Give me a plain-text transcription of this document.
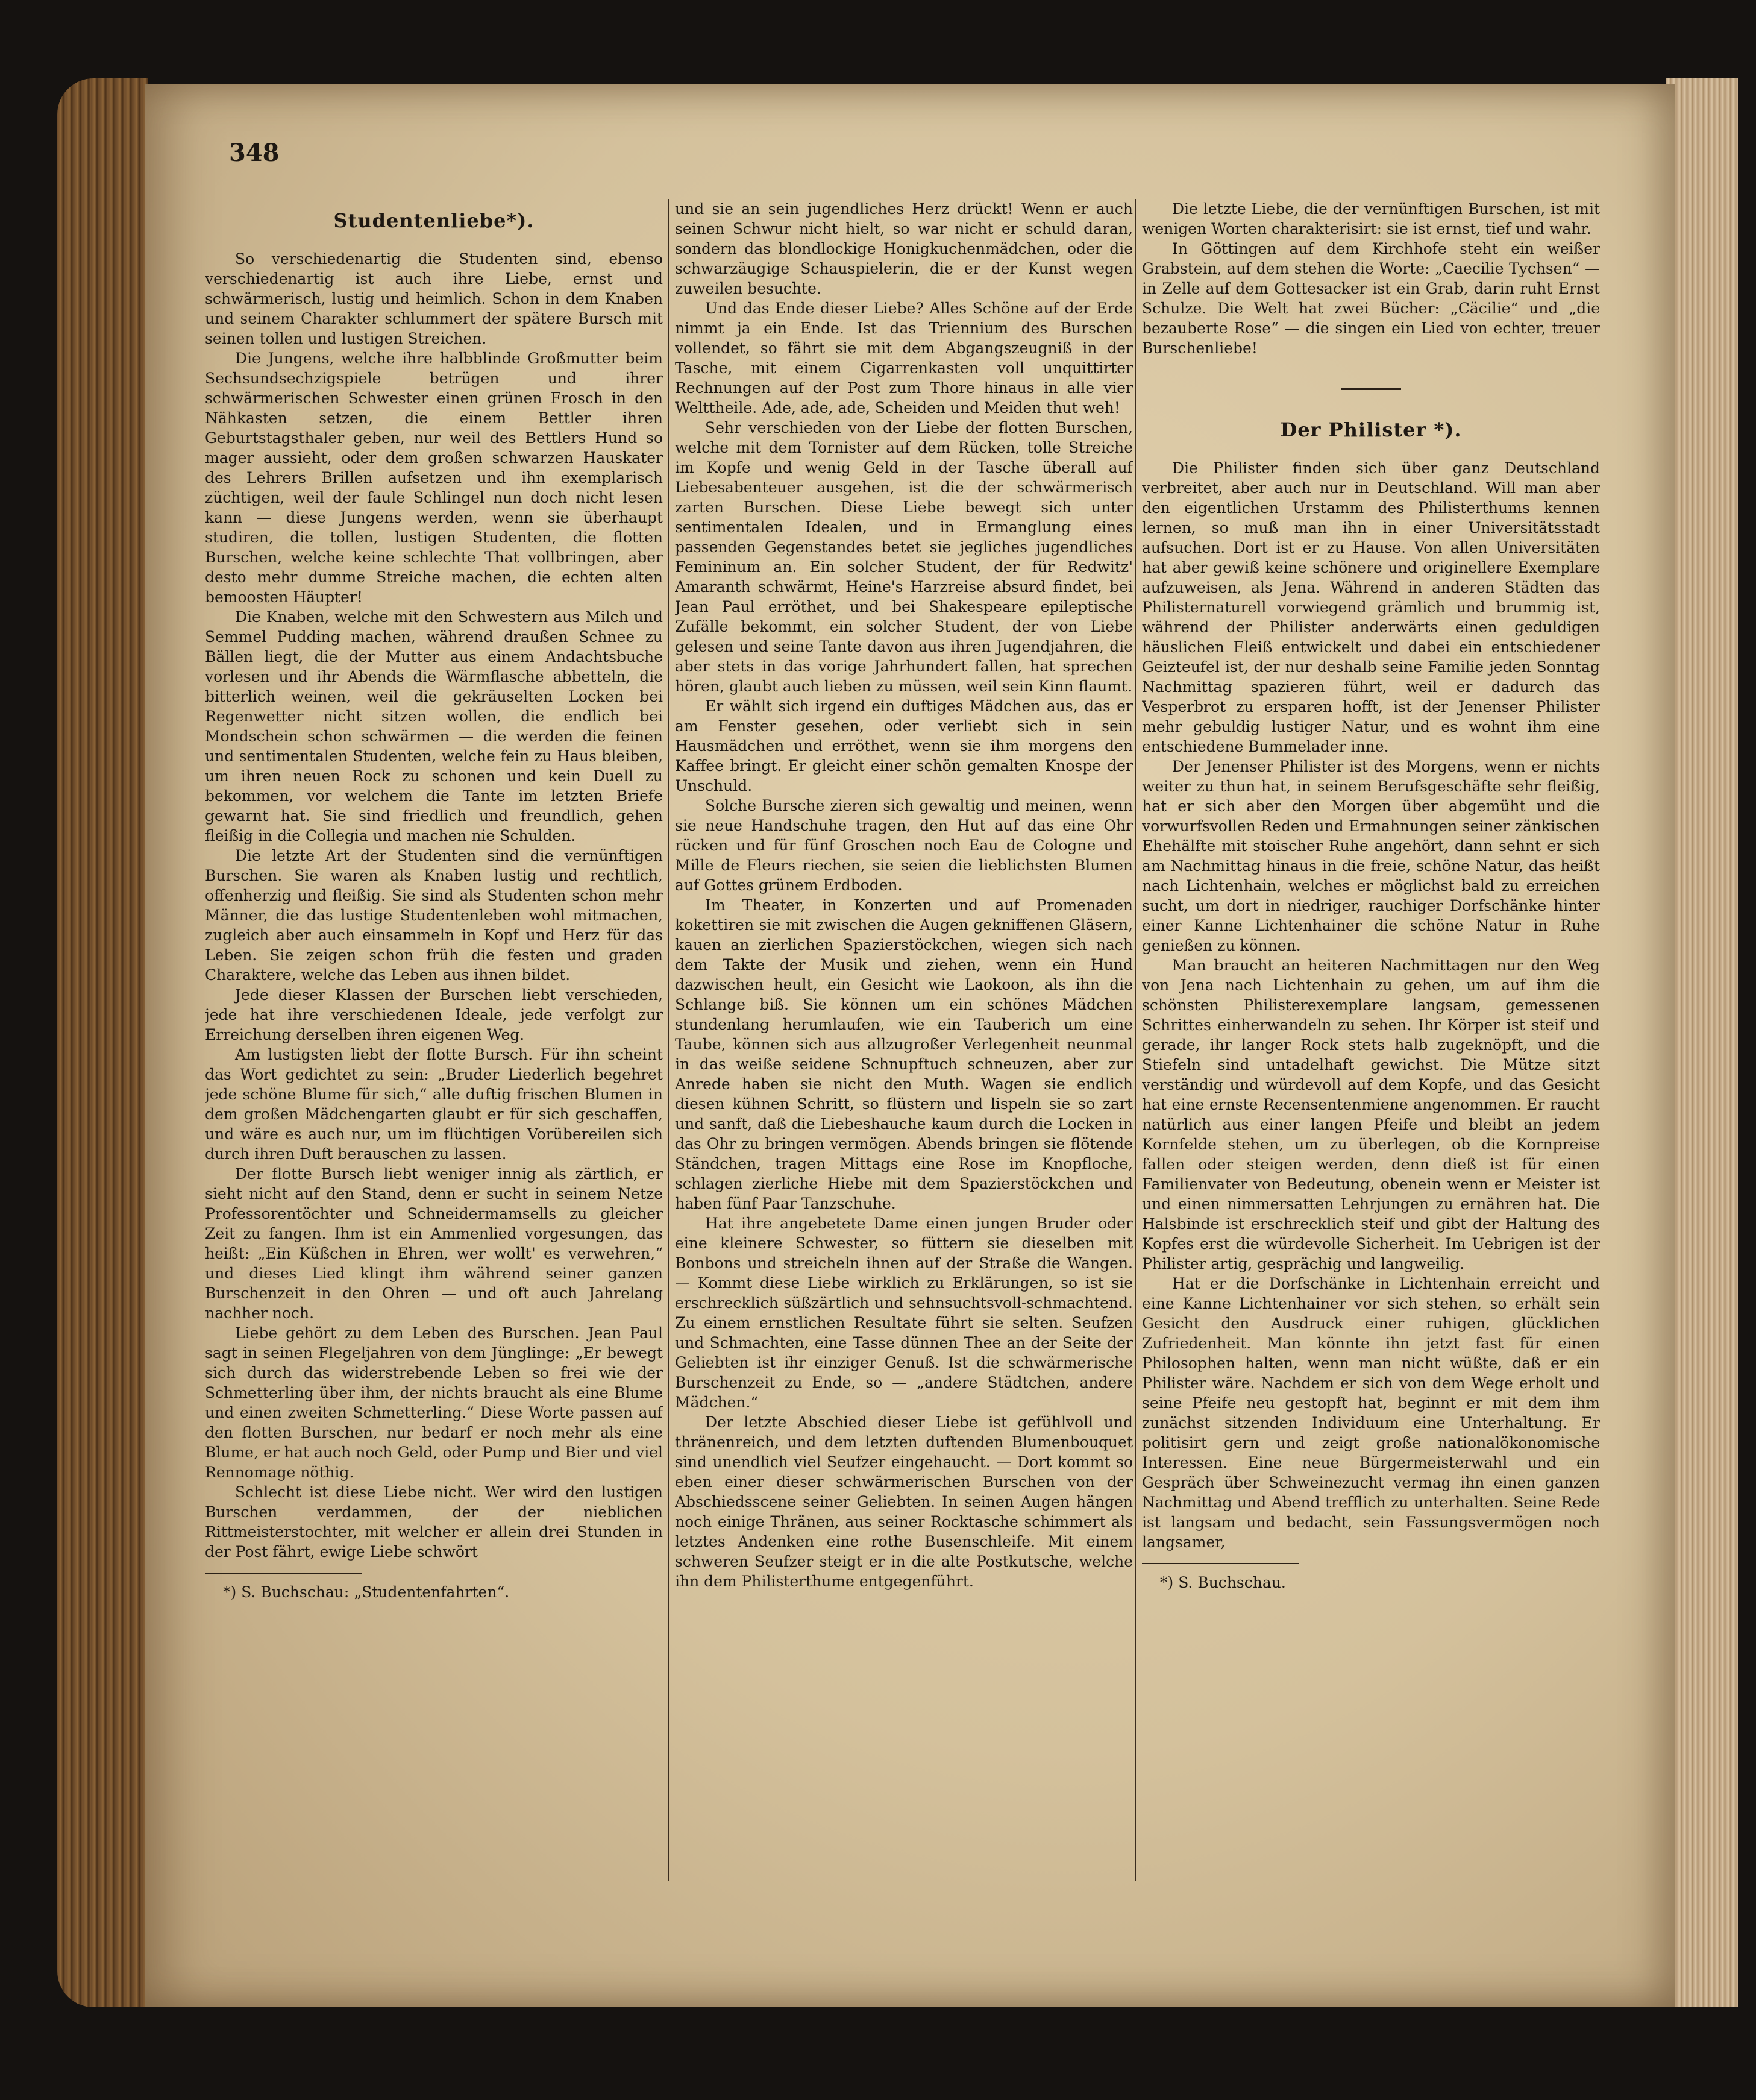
348
Studentenliebe*).

So verschiedenartig die Studenten sind, ebenso verschiedenartig ist auch ihre Liebe, ernst und schwärmerisch, lustig und heimlich. Schon in dem Knaben und seinem Charakter schlummert der spätere Bursch mit seinen tollen und lustigen Streichen.

Die Jungens, welche ihre halbblinde Großmutter beim Sechsundsechzigspiele betrügen und ihrer schwärmerischen Schwester einen grünen Frosch in den Nähkasten setzen, die einem Bettler ihren Geburtstagsthaler geben, nur weil des Bettlers Hund so mager aussieht, oder dem großen schwarzen Hauskater des Lehrers Brillen aufsetzen und ihn exemplarisch züchtigen, weil der faule Schlingel nun doch nicht lesen kann — diese Jungens werden, wenn sie überhaupt studiren, die tollen, lustigen Studenten, die flotten Burschen, welche keine schlechte That vollbringen, aber desto mehr dumme Streiche machen, die echten alten bemoosten Häupter!

Die Knaben, welche mit den Schwestern aus Milch und Semmel Pudding machen, während draußen Schnee zu Bällen liegt, die der Mutter aus einem Andachtsbuche vorlesen und ihr Abends die Wärmflasche abbetteln, die bitterlich weinen, weil die gekräuselten Locken bei Regenwetter nicht sitzen wollen, die endlich bei Mondschein schon schwärmen — die werden die feinen und sentimentalen Studenten, welche fein zu Haus bleiben, um ihren neuen Rock zu schonen und kein Duell zu bekommen, vor welchem die Tante im letzten Briefe gewarnt hat. Sie sind friedlich und freundlich, gehen fleißig in die Collegia und machen nie Schulden.

Die letzte Art der Studenten sind die vernünftigen Burschen. Sie waren als Knaben lustig und rechtlich, offenherzig und fleißig. Sie sind als Studenten schon mehr Männer, die das lustige Studentenleben wohl mitmachen, zugleich aber auch einsammeln in Kopf und Herz für das Leben. Sie zeigen schon früh die festen und graden Charaktere, welche das Leben aus ihnen bildet.

Jede dieser Klassen der Burschen liebt verschieden, jede hat ihre verschiedenen Ideale, jede verfolgt zur Erreichung derselben ihren eigenen Weg.

Am lustigsten liebt der flotte Bursch. Für ihn scheint das Wort gedichtet zu sein: „Bruder Liederlich begehret jede schöne Blume für sich,“ alle duftig frischen Blumen in dem großen Mädchengarten glaubt er für sich geschaffen, und wäre es auch nur, um im flüchtigen Vorübereilen sich durch ihren Duft berauschen zu lassen.

Der flotte Bursch liebt weniger innig als zärtlich, er sieht nicht auf den Stand, denn er sucht in seinem Netze Professorentöchter und Schneidermamsells zu gleicher Zeit zu fangen. Ihm ist ein Ammenlied vorgesungen, das heißt: „Ein Küßchen in Ehren, wer wollt' es verwehren,“ und dieses Lied klingt ihm während seiner ganzen Burschenzeit in den Ohren — und oft auch Jahrelang nachher noch.

Liebe gehört zu dem Leben des Burschen. Jean Paul sagt in seinen Flegeljahren von dem Jünglinge: „Er bewegt sich durch das widerstrebende Leben so frei wie der Schmetterling über ihm, der nichts braucht als eine Blume und einen zweiten Schmetterling.“ Diese Worte passen auf den flotten Burschen, nur bedarf er noch mehr als eine Blume, er hat auch noch Geld, oder Pump und Bier und viel Rennomage nöthig.

Schlecht ist diese Liebe nicht. Wer wird den lustigen Burschen verdammen, der der nieblichen Rittmeisterstochter, mit welcher er allein drei Stunden in der Post fährt, ewige Liebe schwört

*) S. Buchschau: „Studentenfahrten“.

und sie an sein jugendliches Herz drückt! Wenn er auch seinen Schwur nicht hielt, so war nicht er schuld daran, sondern das blondlockige Honigkuchenmädchen, oder die schwarzäugige Schauspielerin, die er der Kunst wegen zuweilen besuchte.

Und das Ende dieser Liebe? Alles Schöne auf der Erde nimmt ja ein Ende. Ist das Triennium des Burschen vollendet, so fährt sie mit dem Abgangszeugniß in der Tasche, mit einem Cigarrenkasten voll unquittirter Rechnungen auf der Post zum Thore hinaus in alle vier Welttheile. Ade, ade, ade, Scheiden und Meiden thut weh!

Sehr verschieden von der Liebe der flotten Burschen, welche mit dem Tornister auf dem Rücken, tolle Streiche im Kopfe und wenig Geld in der Tasche überall auf Liebesabenteuer ausgehen, ist die der schwärmerisch zarten Burschen. Diese Liebe bewegt sich unter sentimentalen Idealen, und in Ermanglung eines passenden Gegenstandes betet sie jegliches jugendliches Femininum an. Ein solcher Student, der für Redwitz' Amaranth schwärmt, Heine's Harzreise absurd findet, bei Jean Paul erröthet, und bei Shakespeare epileptische Zufälle bekommt, ein solcher Student, der von Liebe gelesen und seine Tante davon aus ihren Jugendjahren, die aber stets in das vorige Jahrhundert fallen, hat sprechen hören, glaubt auch lieben zu müssen, weil sein Kinn flaumt.

Er wählt sich irgend ein duftiges Mädchen aus, das er am Fenster gesehen, oder verliebt sich in sein Hausmädchen und erröthet, wenn sie ihm morgens den Kaffee bringt. Er gleicht einer schön gemalten Knospe der Unschuld.

Solche Bursche zieren sich gewaltig und meinen, wenn sie neue Handschuhe tragen, den Hut auf das eine Ohr rücken und für fünf Groschen noch Eau de Cologne und Mille de Fleurs riechen, sie seien die lieblichsten Blumen auf Gottes grünem Erdboden.

Im Theater, in Konzerten und auf Promenaden kokettiren sie mit zwischen die Augen gekniffenen Gläsern, kauen an zierlichen Spazierstöckchen, wiegen sich nach dem Takte der Musik und ziehen, wenn ein Hund dazwischen heult, ein Gesicht wie Laokoon, als ihn die Schlange biß. Sie können um ein schönes Mädchen stundenlang herumlaufen, wie ein Tauberich um eine Taube, können sich aus allzugroßer Verlegenheit neunmal in das weiße seidene Schnupftuch schneuzen, aber zur Anrede haben sie nicht den Muth. Wagen sie endlich diesen kühnen Schritt, so flüstern und lispeln sie so zart und sanft, daß die Liebeshauche kaum durch die Locken in das Ohr zu bringen vermögen. Abends bringen sie flötende Ständchen, tragen Mittags eine Rose im Knopfloche, schlagen zierliche Hiebe mit dem Spazierstöckchen und haben fünf Paar Tanzschuhe.

Hat ihre angebetete Dame einen jungen Bruder oder eine kleinere Schwester, so füttern sie dieselben mit Bonbons und streicheln ihnen auf der Straße die Wangen. — Kommt diese Liebe wirklich zu Erklärungen, so ist sie erschrecklich süßzärtlich und sehnsuchtsvoll-schmachtend. Zu einem ernstlichen Resultate führt sie selten. Seufzen und Schmachten, eine Tasse dünnen Thee an der Seite der Geliebten ist ihr einziger Genuß. Ist die schwärmerische Burschenzeit zu Ende, so — „andere Städtchen, andere Mädchen.“

Der letzte Abschied dieser Liebe ist gefühlvoll und thränenreich, und dem letzten duftenden Blumenbouquet sind unendlich viel Seufzer eingehaucht. — Dort kommt so eben einer dieser schwärmerischen Burschen von der Abschiedsscene seiner Geliebten. In seinen Augen hängen noch einige Thränen, aus seiner Rocktasche schimmert als letztes Andenken eine rothe Busenschleife. Mit einem schweren Seufzer steigt er in die alte Postkutsche, welche ihn dem Philisterthume entgegenführt.

Die letzte Liebe, die der vernünftigen Burschen, ist mit wenigen Worten charakterisirt: sie ist ernst, tief und wahr.

In Göttingen auf dem Kirchhofe steht ein weißer Grabstein, auf dem stehen die Worte: „Caecilie Tychsen“ — in Zelle auf dem Gottesacker ist ein Grab, darin ruht Ernst Schulze. Die Welt hat zwei Bücher: „Cäcilie“ und „die bezauberte Rose“ — die singen ein Lied von echter, treuer Burschenliebe!

Der Philister *).

Die Philister finden sich über ganz Deutschland verbreitet, aber auch nur in Deutschland. Will man aber den eigentlichen Urstamm des Philisterthums kennen lernen, so muß man ihn in einer Universitätsstadt aufsuchen. Dort ist er zu Hause. Von allen Universitäten hat aber gewiß keine schönere und originellere Exemplare aufzuweisen, als Jena. Während in anderen Städten das Philisternaturell vorwiegend grämlich und brummig ist, während der Philister anderwärts einen geduldigen häuslichen Fleiß entwickelt und dabei ein entschiedener Geizteufel ist, der nur deshalb seine Familie jeden Sonntag Nachmittag spazieren führt, weil er dadurch das Vesperbrot zu ersparen hofft, ist der Jenenser Philister mehr gebuldig lustiger Natur, und es wohnt ihm eine entschiedene Bummelader inne.

Der Jenenser Philister ist des Morgens, wenn er nichts weiter zu thun hat, in seinem Berufsgeschäfte sehr fleißig, hat er sich aber den Morgen über abgemüht und die vorwurfsvollen Reden und Ermahnungen seiner zänkischen Ehehälfte mit stoischer Ruhe angehört, dann sehnt er sich am Nachmittag hinaus in die freie, schöne Natur, das heißt nach Lichtenhain, welches er möglichst bald zu erreichen sucht, um dort in niedriger, rauchiger Dorfschänke hinter einer Kanne Lichtenhainer die schöne Natur in Ruhe genießen zu können.

Man braucht an heiteren Nachmittagen nur den Weg von Jena nach Lichtenhain zu gehen, um auf ihm die schönsten Philisterexemplare langsam, gemessenen Schrittes einherwandeln zu sehen. Ihr Körper ist steif und gerade, ihr langer Rock stets halb zugeknöpft, und die Stiefeln sind untadelhaft gewichst. Die Mütze sitzt verständig und würdevoll auf dem Kopfe, und das Gesicht hat eine ernste Recensentenmiene angenommen. Er raucht natürlich aus einer langen Pfeife und bleibt an jedem Kornfelde stehen, um zu überlegen, ob die Kornpreise fallen oder steigen werden, denn dieß ist für einen Familienvater von Bedeutung, obenein wenn er Meister ist und einen nimmersatten Lehrjungen zu ernähren hat. Die Halsbinde ist erschrecklich steif und gibt der Haltung des Kopfes erst die würdevolle Sicherheit. Im Uebrigen ist der Philister artig, gesprächig und langweilig.

Hat er die Dorfschänke in Lichtenhain erreicht und eine Kanne Lichtenhainer vor sich stehen, so erhält sein Gesicht den Ausdruck einer ruhigen, glücklichen Zufriedenheit. Man könnte ihn jetzt fast für einen Philosophen halten, wenn man nicht wüßte, daß er ein Philister wäre. Nachdem er sich von dem Wege erholt und seine Pfeife neu gestopft hat, beginnt er mit dem ihm zunächst sitzenden Individuum eine Unterhaltung. Er politisirt gern und zeigt große nationalökonomische Interessen. Eine neue Bürgermeisterwahl und ein Gespräch über Schweinezucht vermag ihn einen ganzen Nachmittag und Abend trefflich zu unterhalten. Seine Rede ist langsam und bedacht, sein Fassungsvermögen noch langsamer,

*) S. Buchschau.
